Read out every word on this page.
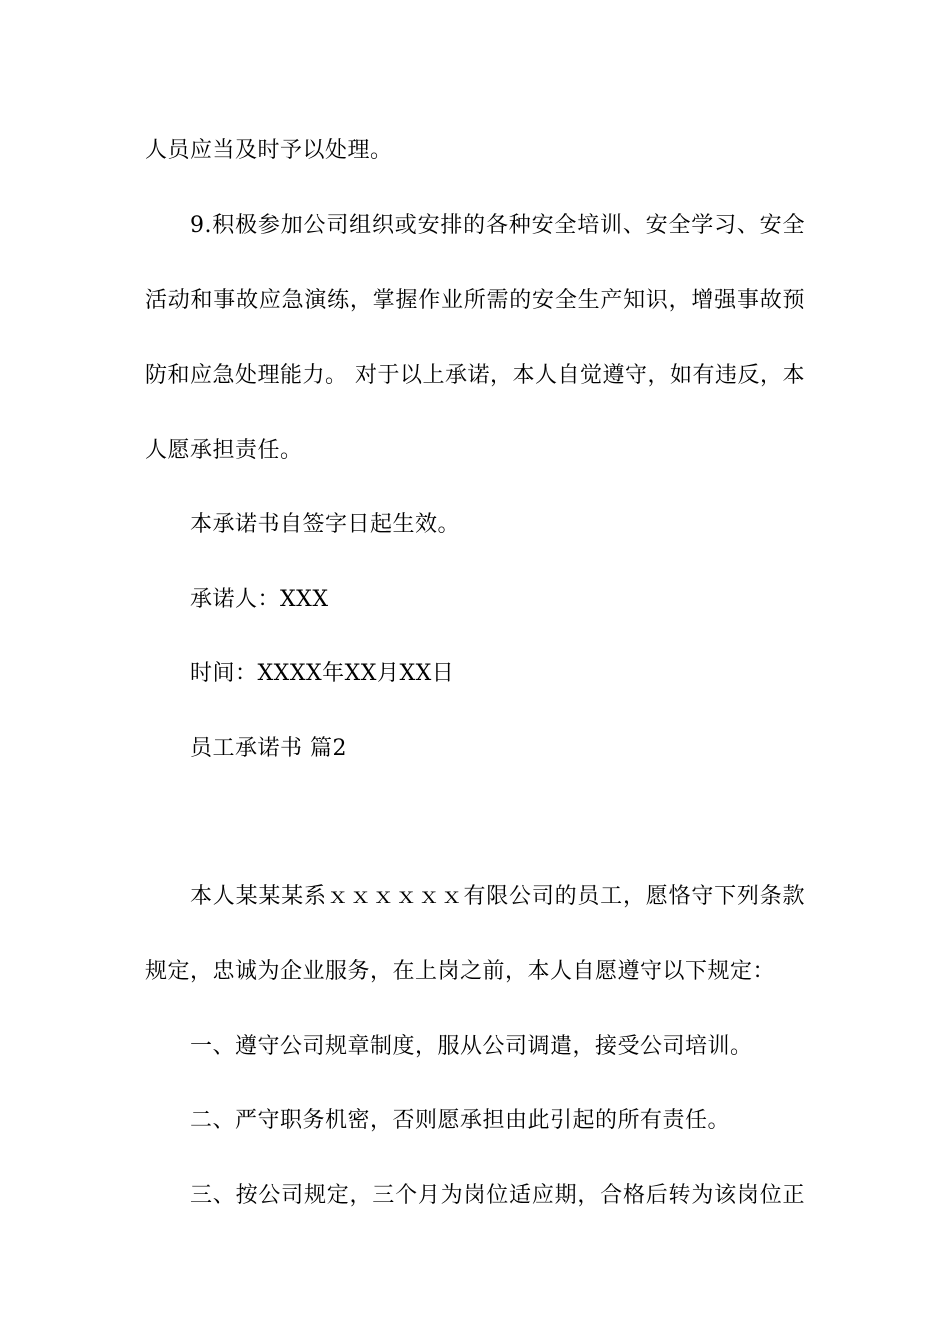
人员应当及时予以处理。
9.积极参加公司组织或安排的各种安全培训、安全学习、安全
活动和事故应急演练，掌握作业所需的安全生产知识，增强事故预
防和应急处理能力。 对于以上承诺，本人自觉遵守，如有违反，本
人愿承担责任。
本承诺书自签字日起生效。
承诺人：XXX
时间：XXXX年XX月XX日
员工承诺书 篇2
本人某某某系ｘｘｘｘｘｘ有限公司的员工，愿恪守下列条款
规定，忠诚为企业服务，在上岗之前，本人自愿遵守以下规定：
一、遵守公司规章制度，服从公司调遣，接受公司培训。
二、严守职务机密，否则愿承担由此引起的所有责任。
三、按公司规定，三个月为岗位适应期，合格后转为该岗位正
